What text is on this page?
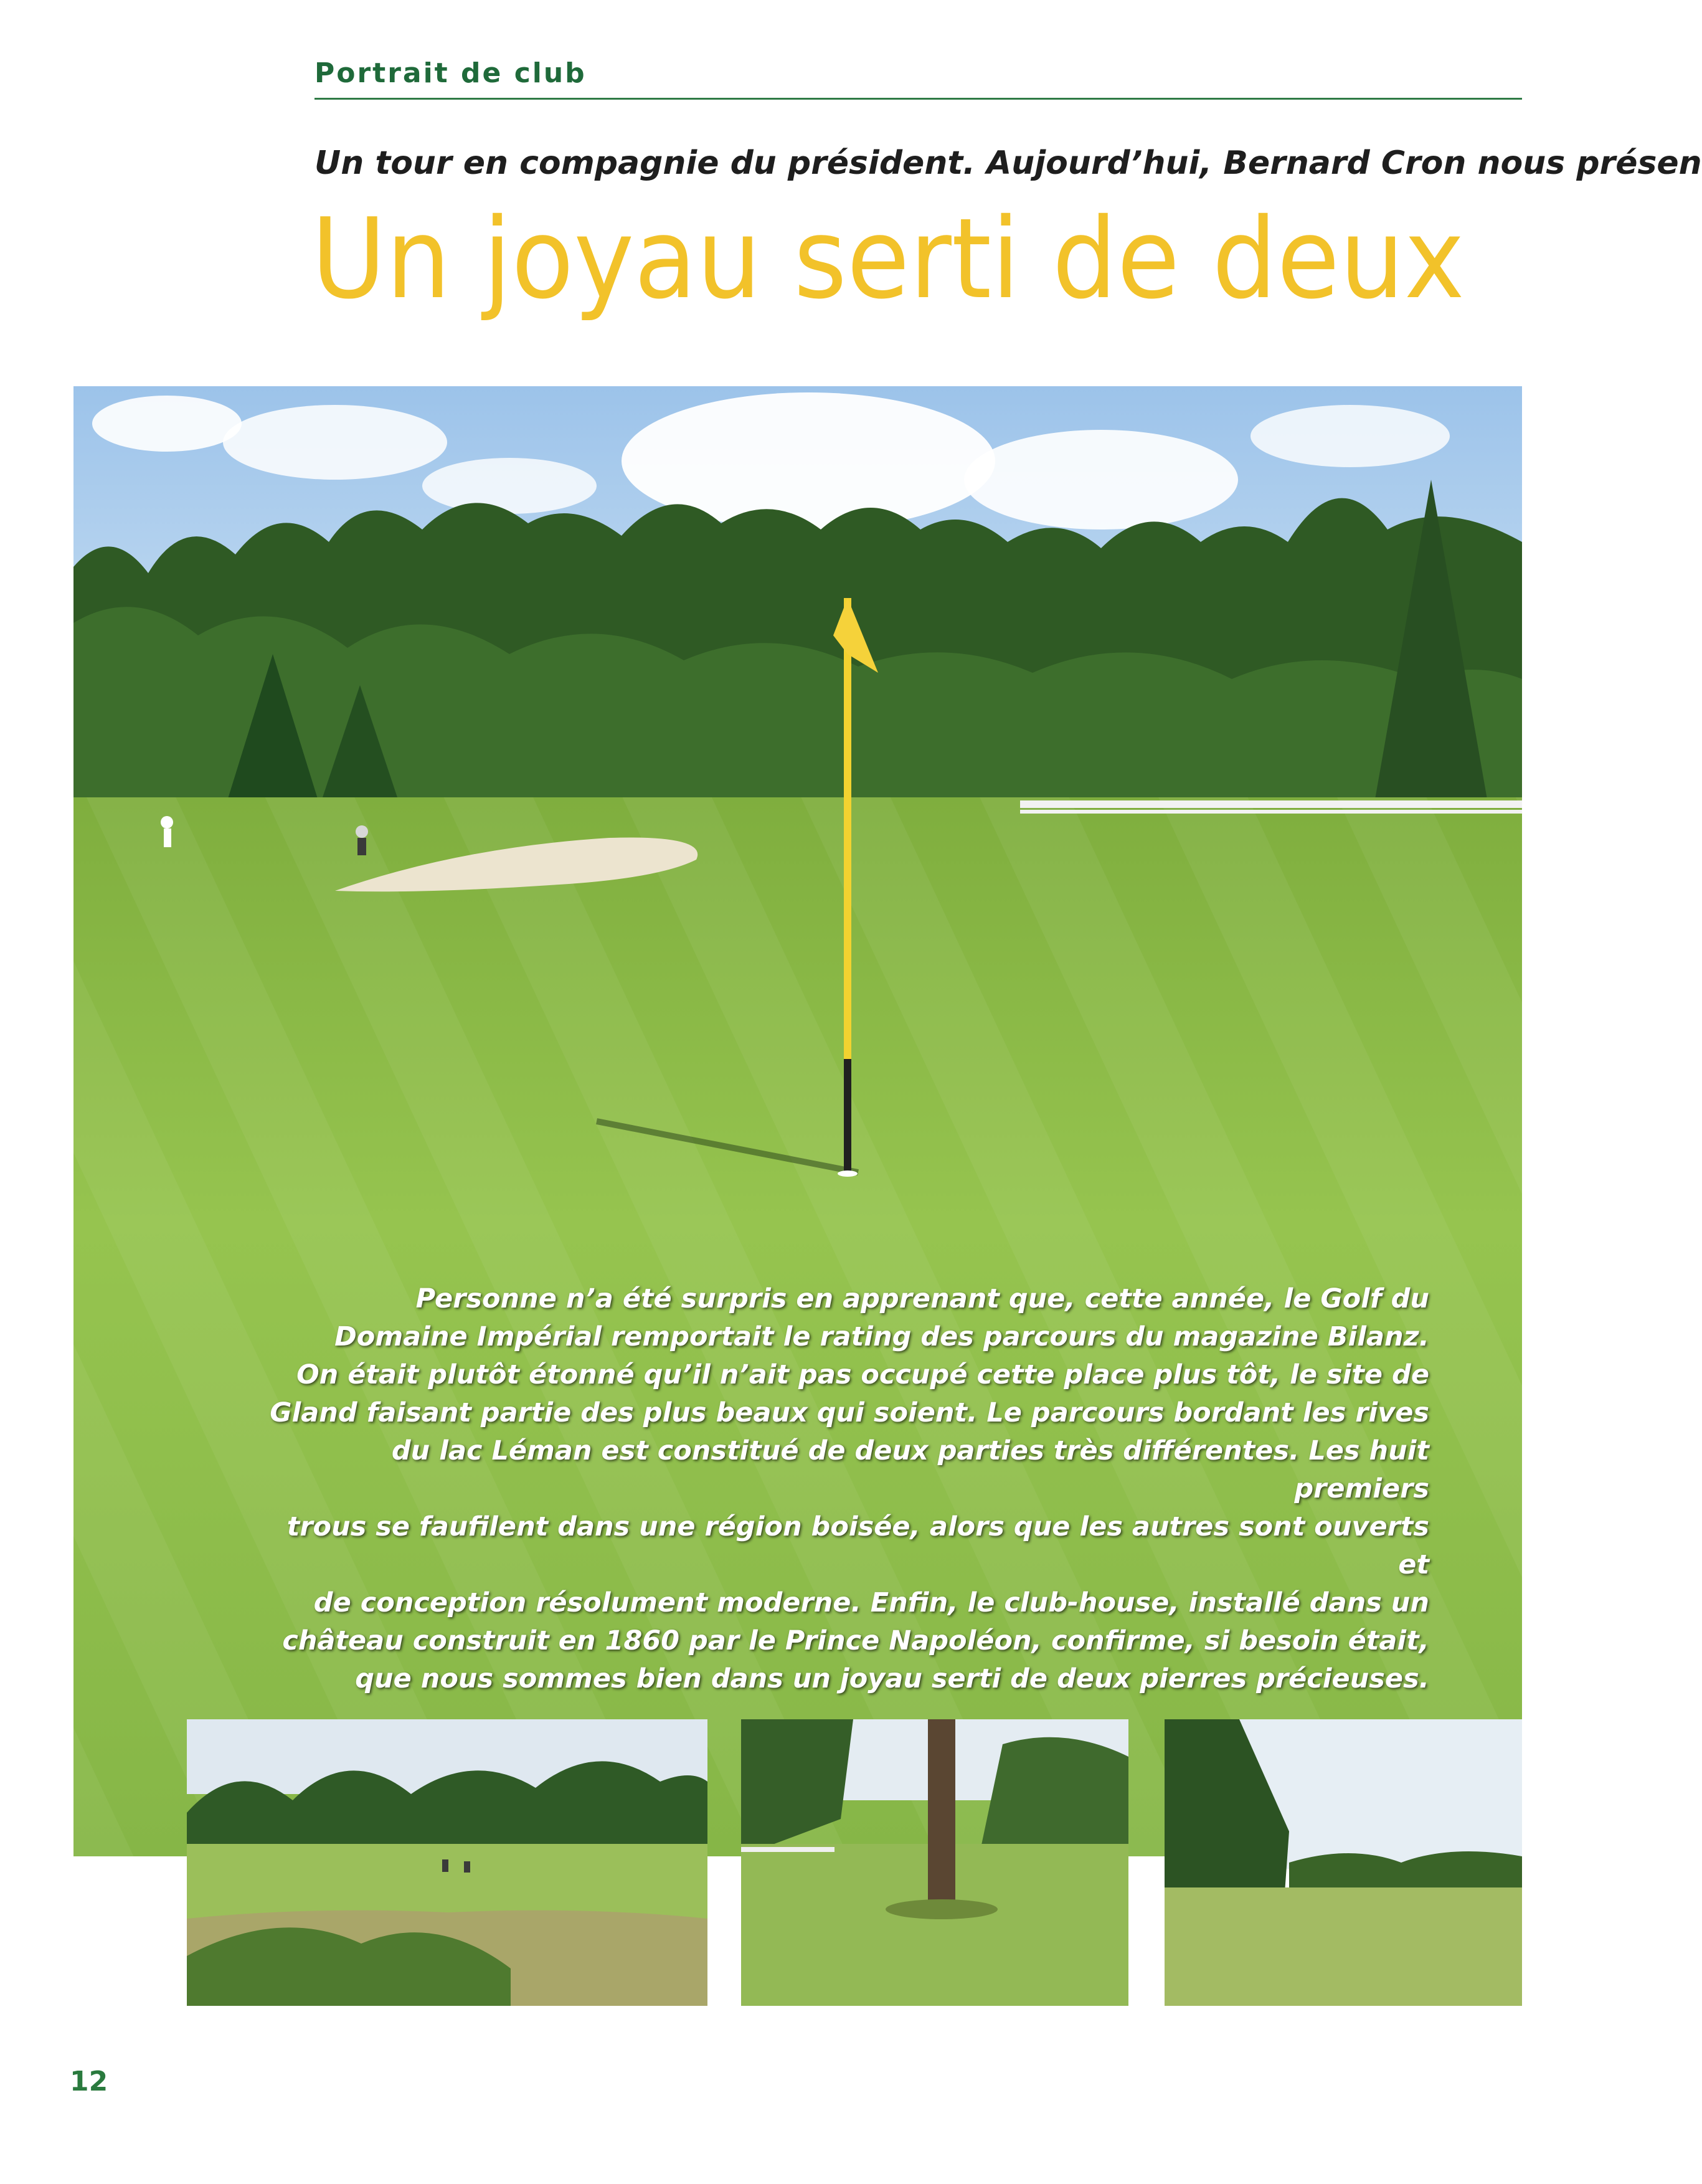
Portrait de club
Un tour en compagnie du président. Aujourd’hui, Bernard Cron nous présen
Un joyau serti de deux
Personne n’a été surpris en apprenant que, cette année, le Golf du
Domaine Impérial remportait le rating des parcours du magazine Bilanz.
On était plutôt étonné qu’il n’ait pas occupé cette place plus tôt, le site de
Gland faisant partie des plus beaux qui soient. Le parcours bordant les rives
du lac Léman est constitué de deux parties très différentes. Les huit premiers
trous se faufilent dans une région boisée, alors que les autres sont ouverts et
de conception résolument moderne. Enfin, le club-house, installé dans un
château construit en 1860 par le Prince Napoléon, confirme, si besoin était,
que nous sommes bien dans un joyau serti de deux pierres précieuses.
12
